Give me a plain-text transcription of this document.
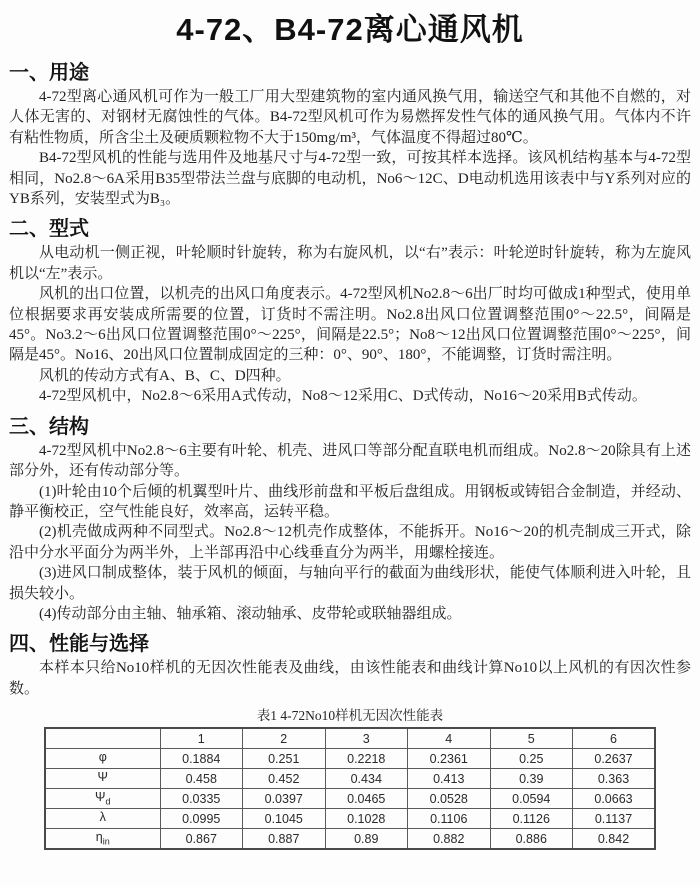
4-72、B4-72离心通风机
一、用途

4-72型离心通风机可作为一般工厂用大型建筑物的室内通风换气用，输送空气和其他不自燃的，对人体无害的、对钢材无腐蚀性的气体。B4-72型风机可作为易燃挥发性气体的通风换气用。气体内不许有粘性物质，所含尘土及硬质颗粒物不大于150mg/m³，气体温度不得超过80℃。

B4-72型风机的性能与选用件及地基尺寸与4-72型一致，可按其样本选择。该风机结构基本与4-72型相同，No2.8～6A采用B35型带法兰盘与底脚的电动机，No6～12C、D电动机选用该表中与Y系列对应的YB系列，安装型式为B₃。

二、型式

从电动机一侧正视，叶轮顺时针旋转，称为右旋风机，以“右”表示：叶轮逆时针旋转，称为左旋风机以“左”表示。

风机的出口位置，以机壳的出风口角度表示。4-72型风机No2.8～6出厂时均可做成1种型式，使用单位根据要求再安装成所需要的位置，订货时不需注明。No2.8出风口位置调整范围0°～22.5°，间隔是45°。No3.2～6出风口位置调整范围0°～225°，间隔是22.5°；No8～12出风口位置调整范围0°～225°，间隔是45°。No16、20出风口位置制成固定的三种：0°、90°、180°，不能调整，订货时需注明。

风机的传动方式有A、B、C、D四种。

4-72型风机中，No2.8～6采用A式传动，No8～12采用C、D式传动，No16～20采用B式传动。

三、结构

4-72型风机中No2.8～6主要有叶轮、机壳、进风口等部分配直联电机而组成。No2.8～20除具有上述部分外，还有传动部分等。

(1)叶轮由10个后倾的机翼型叶片、曲线形前盘和平板后盘组成。用钢板或铸铝合金制造，并经动、静平衡校正，空气性能良好，效率高，运转平稳。

(2)机壳做成两种不同型式。No2.8～12机壳作成整体，不能拆开。No16～20的机壳制成三开式，除沿中分水平面分为两半外，上半部再沿中心线垂直分为两半，用螺栓接连。

(3)进风口制成整体，装于风机的倾面，与轴向平行的截面为曲线形状，能使气体顺利进入叶轮，且损失较小。

(4)传动部分由主轴、轴承箱、滚动轴承、皮带轮或联轴器组成。

四、性能与选择

本样本只给No10样机的无因次性能表及曲线，由该性能表和曲线计算No10以上风机的有因次性参数。

表1 4-72No10样机无因次性能表
	1	2	3	4	5	6
φ	0.1884	0.251	0.2218	0.2361	0.25	0.2637
Ψ	0.458	0.452	0.434	0.413	0.39	0.363
$\Psi_d$	0.0335	0.0397	0.0465	0.0528	0.0594	0.0663
λ	0.0995	0.1045	0.1028	0.1106	0.1126	0.1137
$\eta_{in}$	0.867	0.887	0.89	0.882	0.886	0.842
